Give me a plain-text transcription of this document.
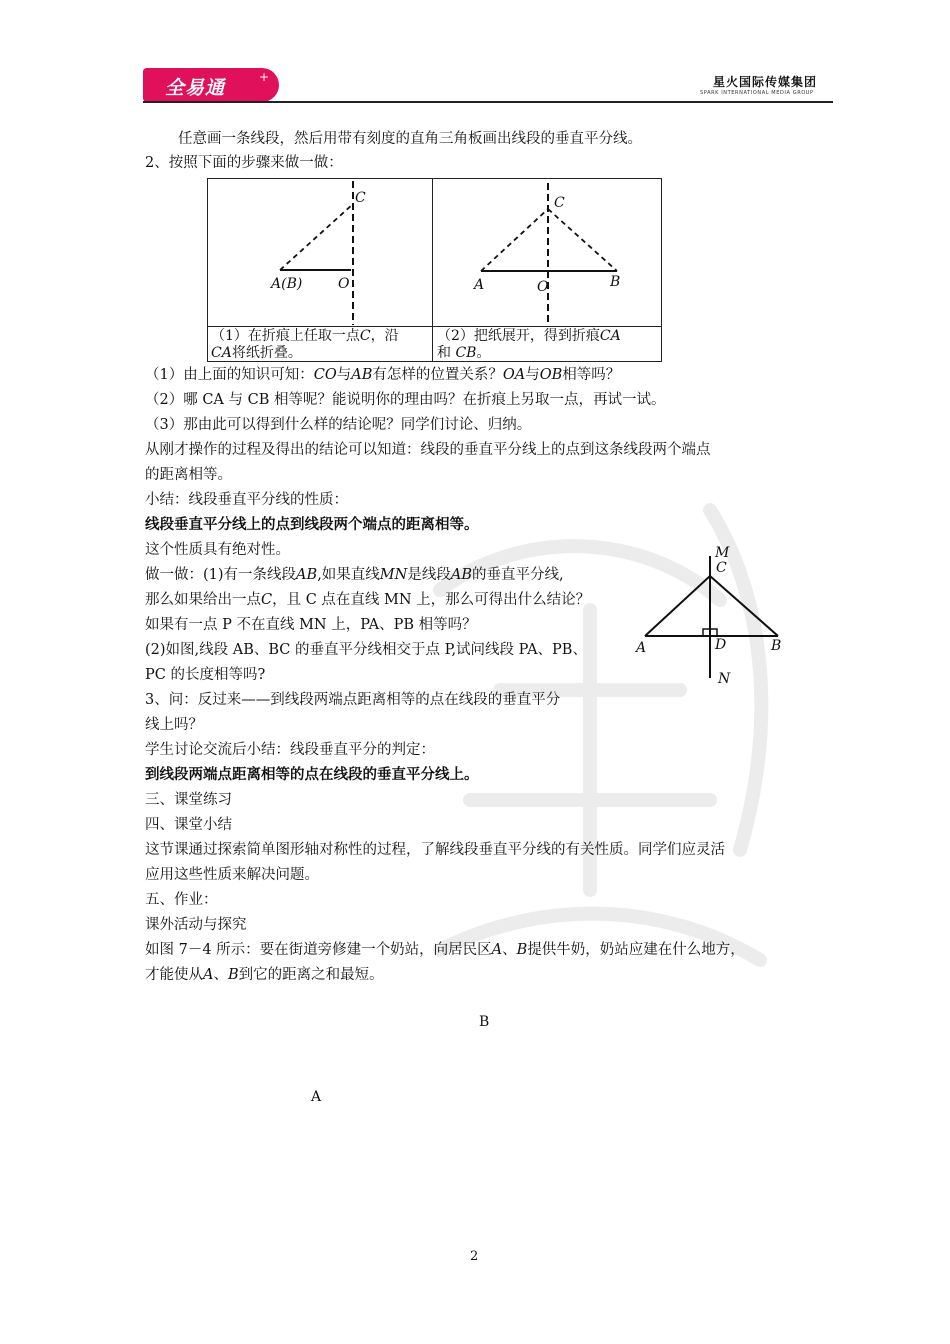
全易通	+	星火国际传媒集团
SPARK INTERNATIONAL MEDIA GROUP
任意画一条线段，然后用带有刻度的直角三角板画出线段的垂直平分线。
2、按照下面的步骤来做一做：
C
A(B)	O
C
A	O	B
（1）在折痕上任取一点C，沿
CA将纸折叠。
（2）把纸展开，得到折痕CA
和 CB。
（1）由上面的知识可知：CO与AB有怎样的位置关系？OA与OB相等吗？
（2）哪 CA 与 CB 相等呢？能说明你的理由吗？在折痕上另取一点，再试一试。
（3）那由此可以得到什么样的结论呢？同学们讨论、归纳。
从刚才操作的过程及得出的结论可以知道：线段的垂直平分线上的点到这条线段两个端点
的距离相等。
小结：线段垂直平分线的性质：
线段垂直平分线上的点到线段两个端点的距离相等。
这个性质具有绝对性。
做一做：(1)有一条线段AB,如果直线MN是线段AB的垂直平分线,
那么如果给出一点C，且 C 点在直线 MN 上，那么可得出什么结论？
如果有一点 P 不在直线 MN 上，PA、PB 相等吗？
(2)如图,线段 AB、BC 的垂直平分线相交于点 P,试问线段 PA、PB、
PC 的长度相等吗?
3、问：反过来——到线段两端点距离相等的点在线段的垂直平分
线上吗？
学生讨论交流后小结：线段垂直平分的判定：
到线段两端点距离相等的点在线段的垂直平分线上。
三、课堂练习
四、课堂小结
这节课通过探索简单图形轴对称性的过程，了解线段垂直平分线的有关性质。同学们应灵活
应用这些性质来解决问题。
五、作业：
课外活动与探究
如图 7－4 所示：要在街道旁修建一个奶站，向居民区A、B提供牛奶，奶站应建在什么地方，
才能使从A、B到它的距离之和最短。
M
C
A	D	B
N
B
A
2
